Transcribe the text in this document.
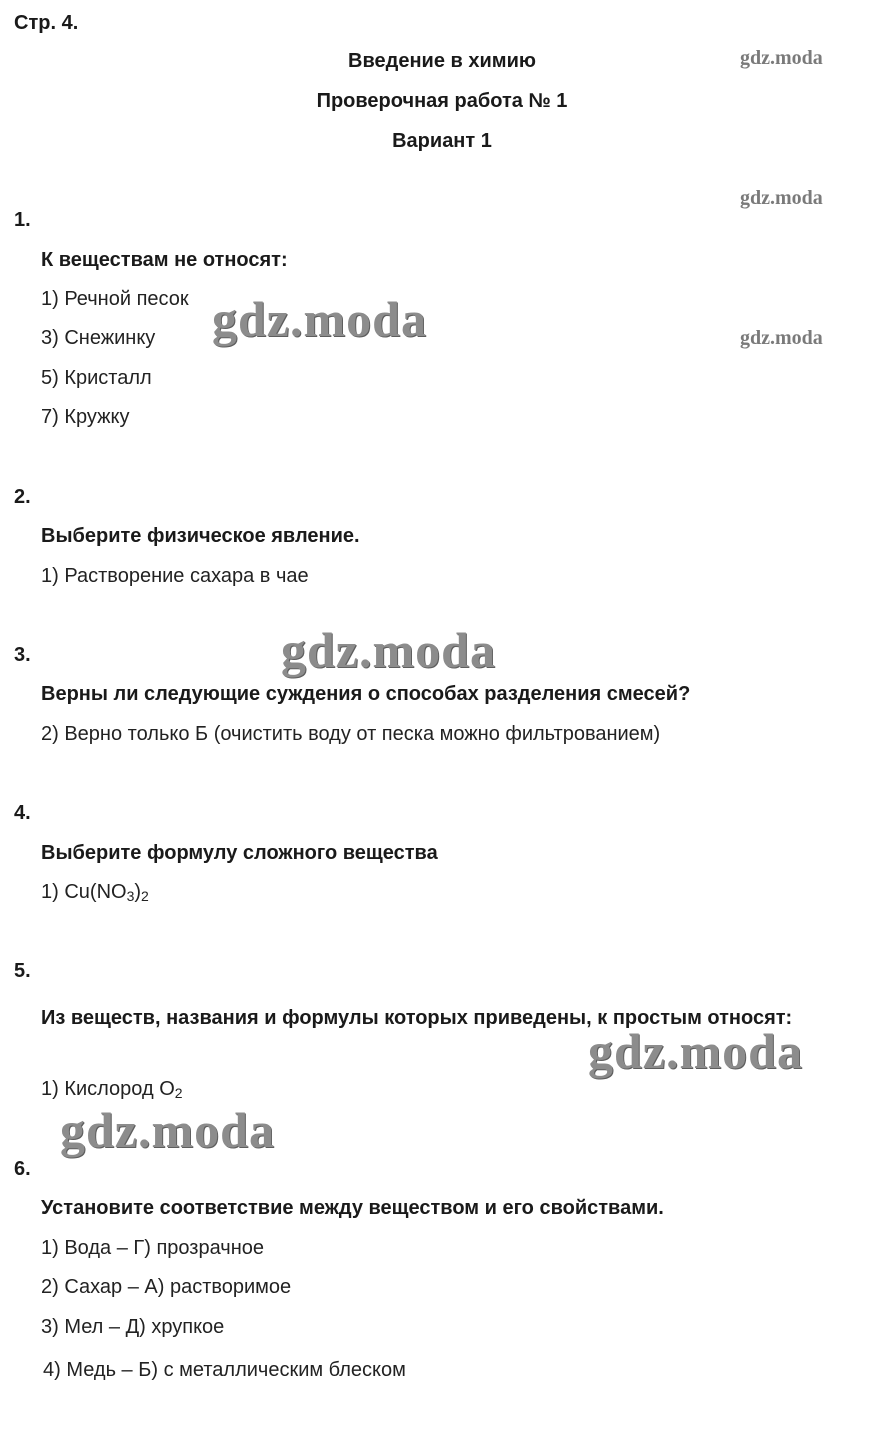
Стр. 4.
Введение в химию
Проверочная работа № 1
Вариант 1
1.
К веществам не относят:
1) Речной песок
3) Снежинку
5) Кристалл
7) Кружку
2.
Выберите физическое явление.
1) Растворение сахара в чае
3.
Верны ли следующие суждения о способах разделения смесей?
2) Верно только Б (очистить воду от песка можно фильтрованием)
4.
Выберите формулу сложного вещества
1) $Cu(NO_3)_2$
5.
Из веществ, названия и формулы которых приведены, к простым относят:
1) Кислород $O_2$
6.
Установите соответствие между веществом и его свойствами.
1) Вода – Г) прозрачное
2) Сахар – А) растворимое
3) Мел – Д) хрупкое
4) Медь – Б) с металлическим блеском
gdz.moda
gdz.moda
gdz.moda
gdz.moda
gdz.moda
gdz.moda
gdz.moda
